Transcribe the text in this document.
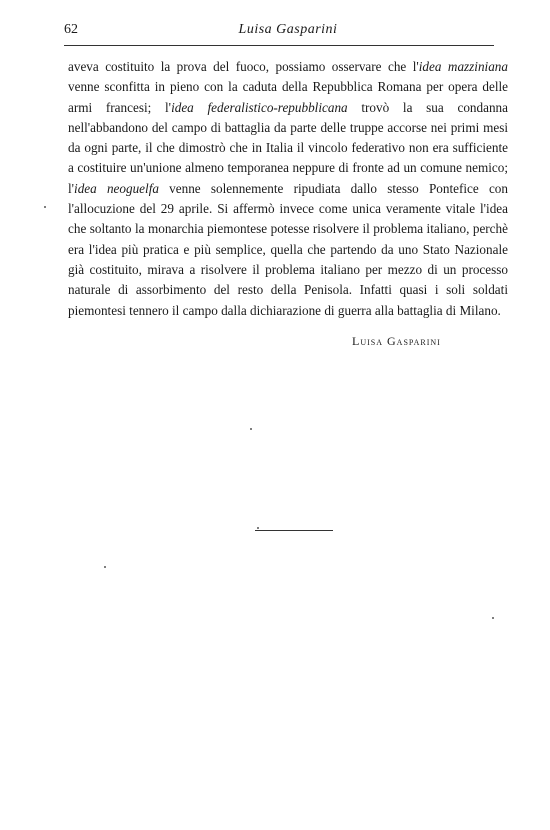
62	Luisa Gasparini

aveva costituito la prova del fuoco, possiamo osservare che l'idea mazziniana venne sconfitta in pieno con la caduta della Repubblica Romana per opera delle armi francesi; l'idea federalistico-repubblicana trovò la sua condanna nell'abbandono del campo di battaglia da parte delle truppe accorse nei primi mesi da ogni parte, il che dimostrò che in Italia il vincolo federativo non era sufficiente a costituire un'unione almeno temporanea neppure di fronte ad un comune nemico; l'idea neoguelfa venne solennemente ripudiata dallo stesso Pontefice con l'allocuzione del 29 aprile. Si affermò invece come unica veramente vitale l'idea che soltanto la monarchia piemontese potesse risolvere il problema italiano, perchè era l'idea più pratica e più semplice, quella che partendo da uno Stato Nazionale già costituito, mirava a risolvere il problema italiano per mezzo di un processo naturale di assorbimento del resto della Penisola. Infatti quasi i soli soldati piemontesi tennero il campo dalla dichiarazione di guerra alla battaglia di Milano.

Luisa Gasparini
